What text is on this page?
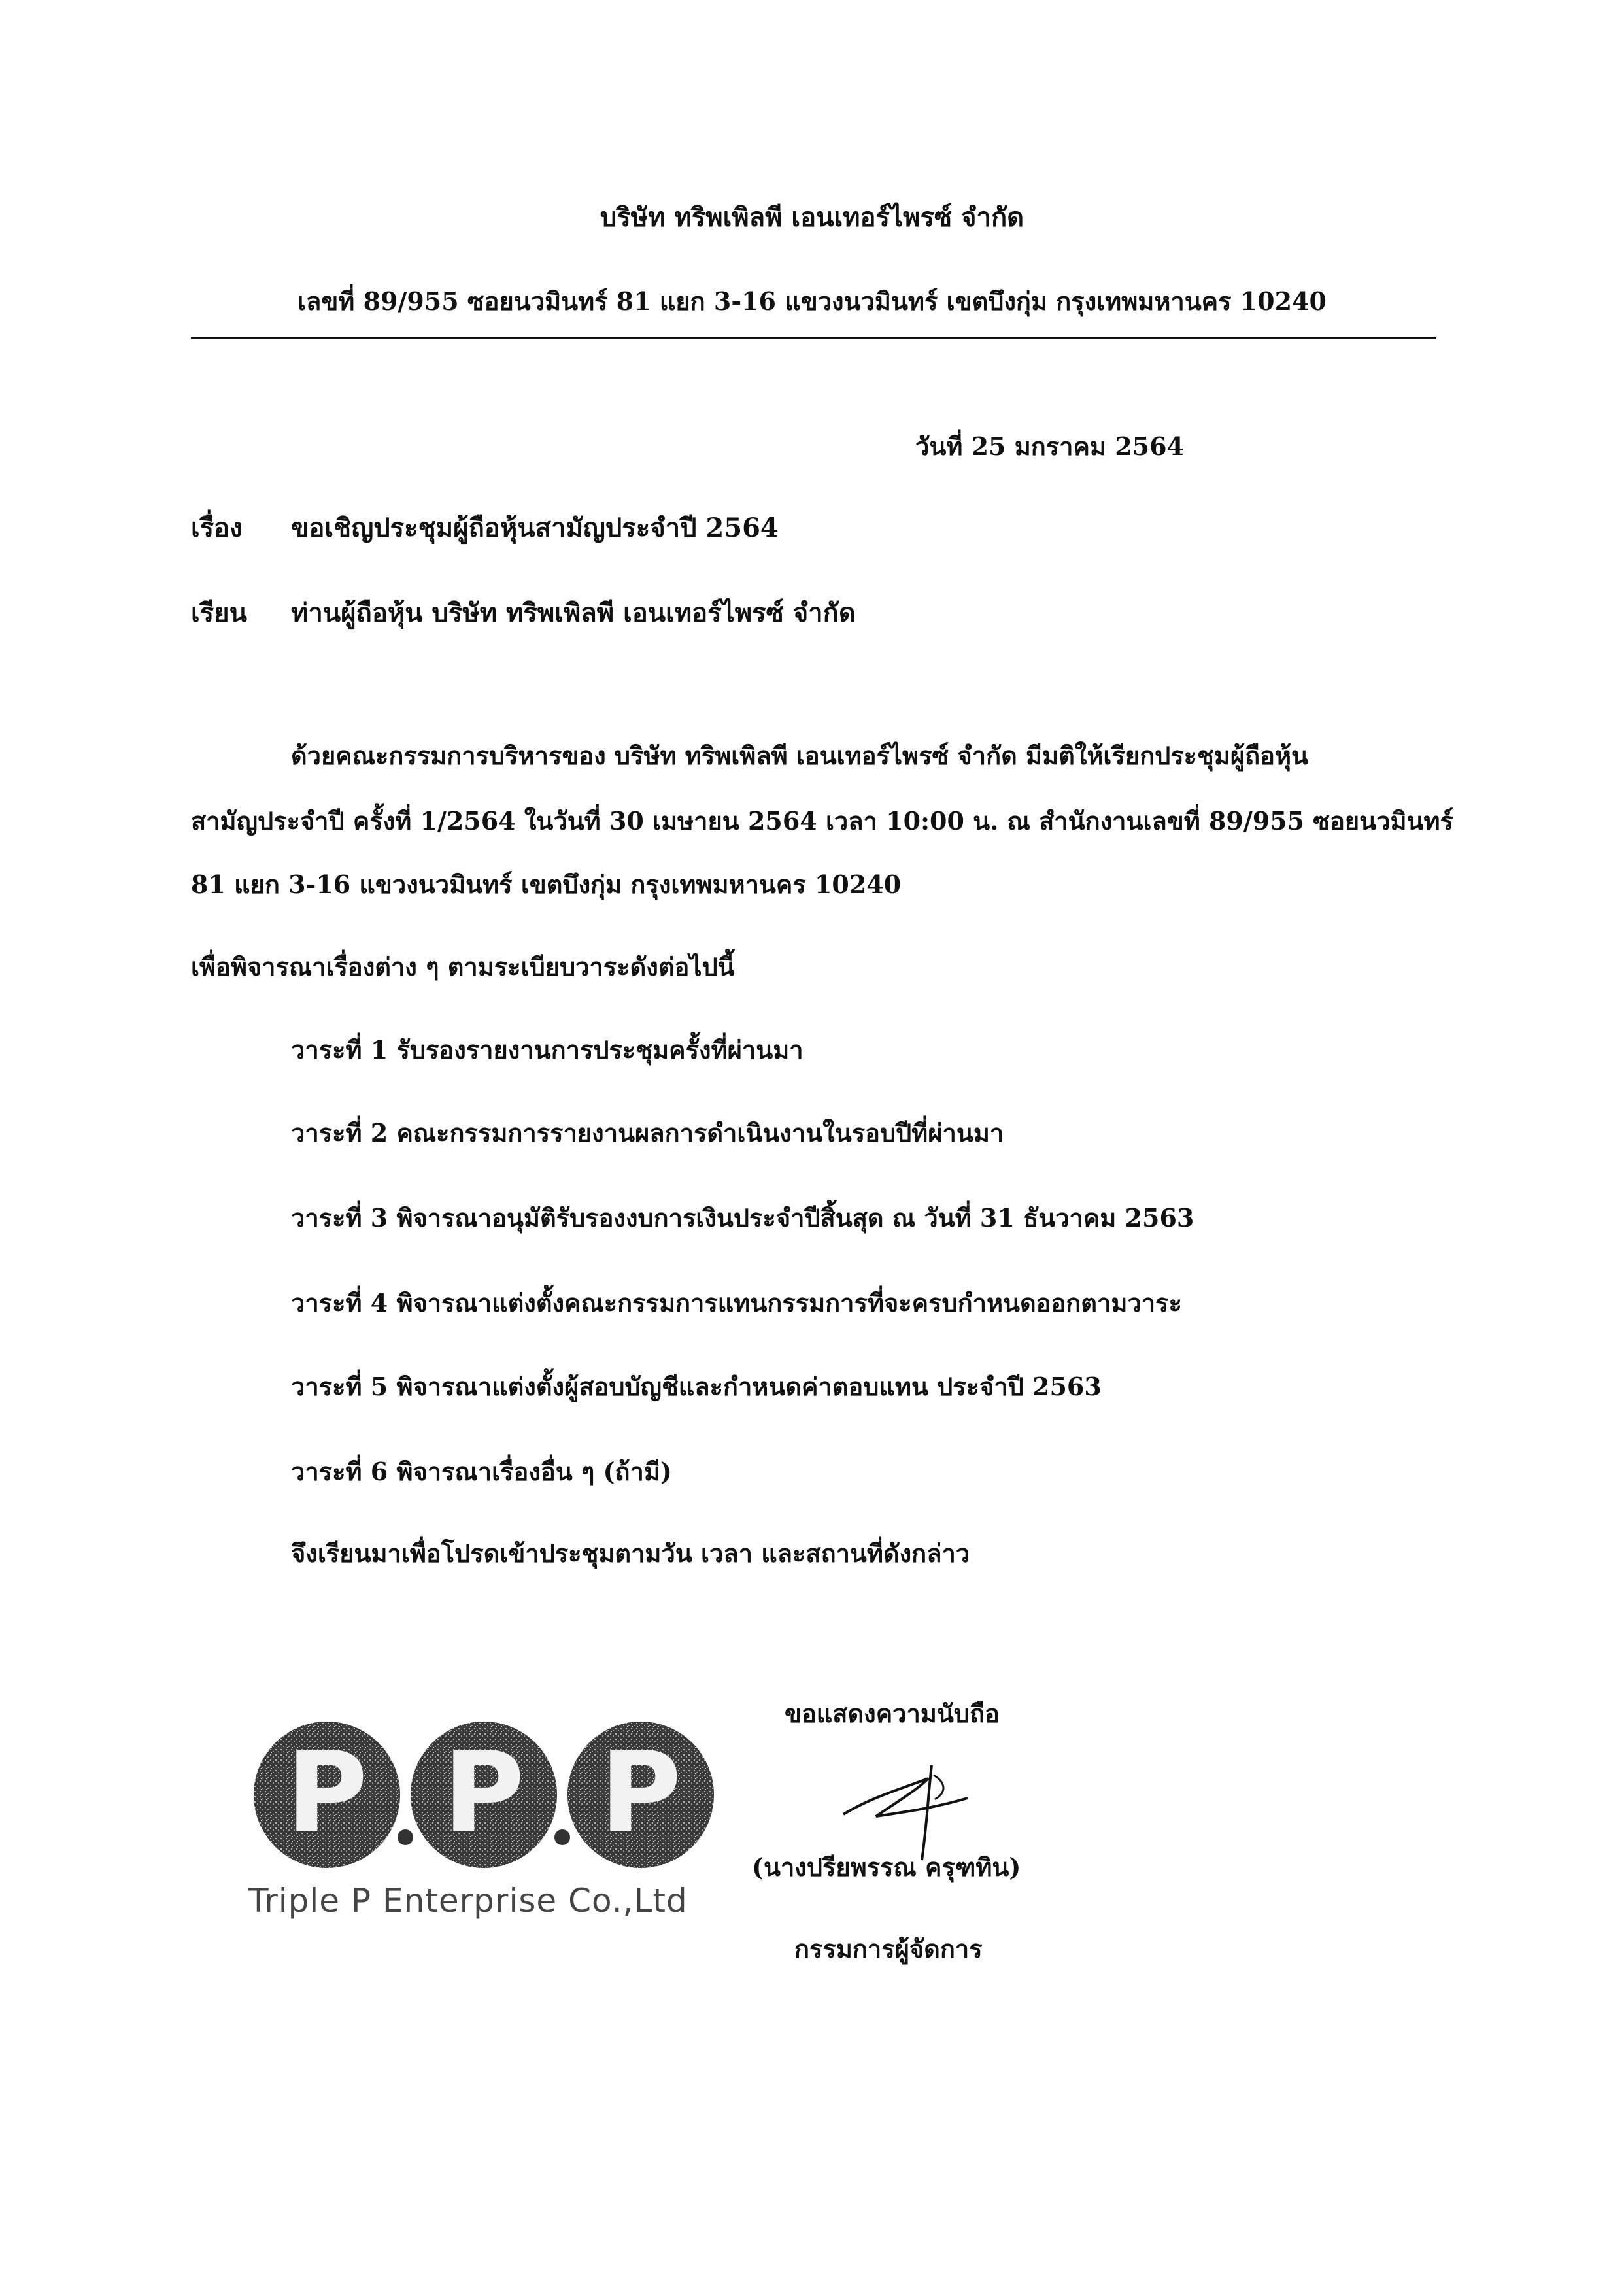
บริษัท ทริพเพิลพี เอนเทอร์ไพรซ์ จำกัด
เลขที่ 89/955 ซอยนวมินทร์ 81 แยก 3-16 แขวงนวมินทร์ เขตบึงกุ่ม กรุงเทพมหานคร 10240
วันที่ 25 มกราคม 2564
เรื่อง ขอเชิญประชุมผู้ถือหุ้นสามัญประจำปี 2564
เรียน ท่านผู้ถือหุ้น บริษัท ทริพเพิลพี เอนเทอร์ไพรซ์ จำกัด
ด้วยคณะกรรมการบริหารของ บริษัท ทริพเพิลพี เอนเทอร์ไพรซ์ จำกัด มีมติให้เรียกประชุมผู้ถือหุ้น
สามัญประจำปี ครั้งที่ 1/2564 ในวันที่ 30 เมษายน 2564 เวลา 10:00 น. ณ สำนักงานเลขที่ 89/955 ซอยนวมินทร์
81 แยก 3-16 แขวงนวมินทร์ เขตบึงกุ่ม กรุงเทพมหานคร 10240
เพื่อพิจารณาเรื่องต่าง ๆ ตามระเบียบวาระดังต่อไปนี้
วาระที่ 1 รับรองรายงานการประชุมครั้งที่ผ่านมา
วาระที่ 2 คณะกรรมการรายงานผลการดำเนินงานในรอบปีที่ผ่านมา
วาระที่ 3 พิจารณาอนุมัติรับรองงบการเงินประจำปีสิ้นสุด ณ วันที่ 31 ธันวาคม 2563
วาระที่ 4 พิจารณาแต่งตั้งคณะกรรมการแทนกรรมการที่จะครบกำหนดออกตามวาระ
วาระที่ 5 พิจารณาแต่งตั้งผู้สอบบัญชีและกำหนดค่าตอบแทน ประจำปี 2563
วาระที่ 6 พิจารณาเรื่องอื่น ๆ (ถ้ามี)
จึงเรียนมาเพื่อโปรดเข้าประชุมตามวัน เวลา และสถานที่ดังกล่าว
P P P
Triple P Enterprise Co.,Ltd
ขอแสดงความนับถือ
(นางปรียพรรณ ครุฑทิน)
กรรมการผู้จัดการ
